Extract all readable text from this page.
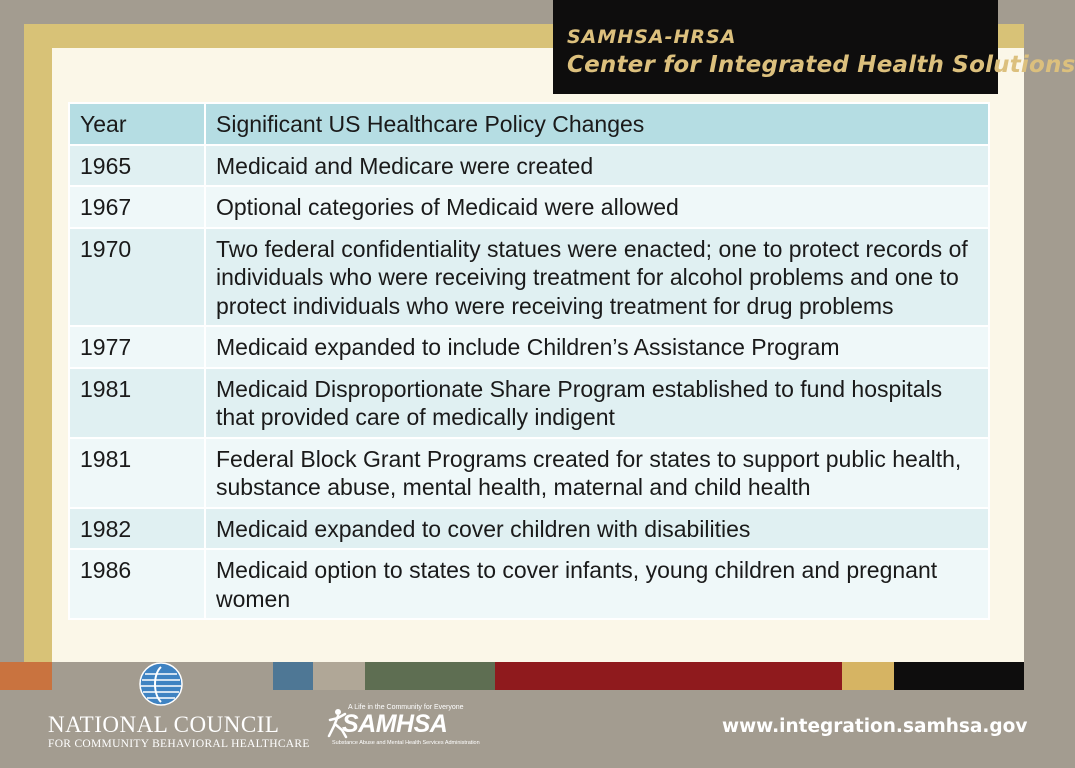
SAMHSA-HRSA
Center for Integrated Health Solutions
Year	Significant US Healthcare Policy Changes
1965	Medicaid and Medicare were created
1967	Optional categories of Medicaid were allowed
1970	Two federal confidentiality statues were enacted; one to protect records of individuals who were receiving treatment for alcohol problems and one to protect individuals who were receiving treatment for drug problems
1977	Medicaid expanded to include Children’s Assistance Program
1981	Medicaid Disproportionate Share Program established to fund hospitals that provided care of medically indigent
1981	Federal Block Grant Programs created for states to support public health, substance abuse, mental health, maternal and child health
1982	Medicaid expanded to cover children with disabilities
1986	Medicaid option to states to cover infants, young children and pregnant women
NATIONAL COUNCIL
FOR COMMUNITY BEHAVIORAL HEALTHCARE
A Life in the Community for Everyone
SAMHSA
Substance Abuse and Mental Health Services Administration
www.integration.samhsa.gov
